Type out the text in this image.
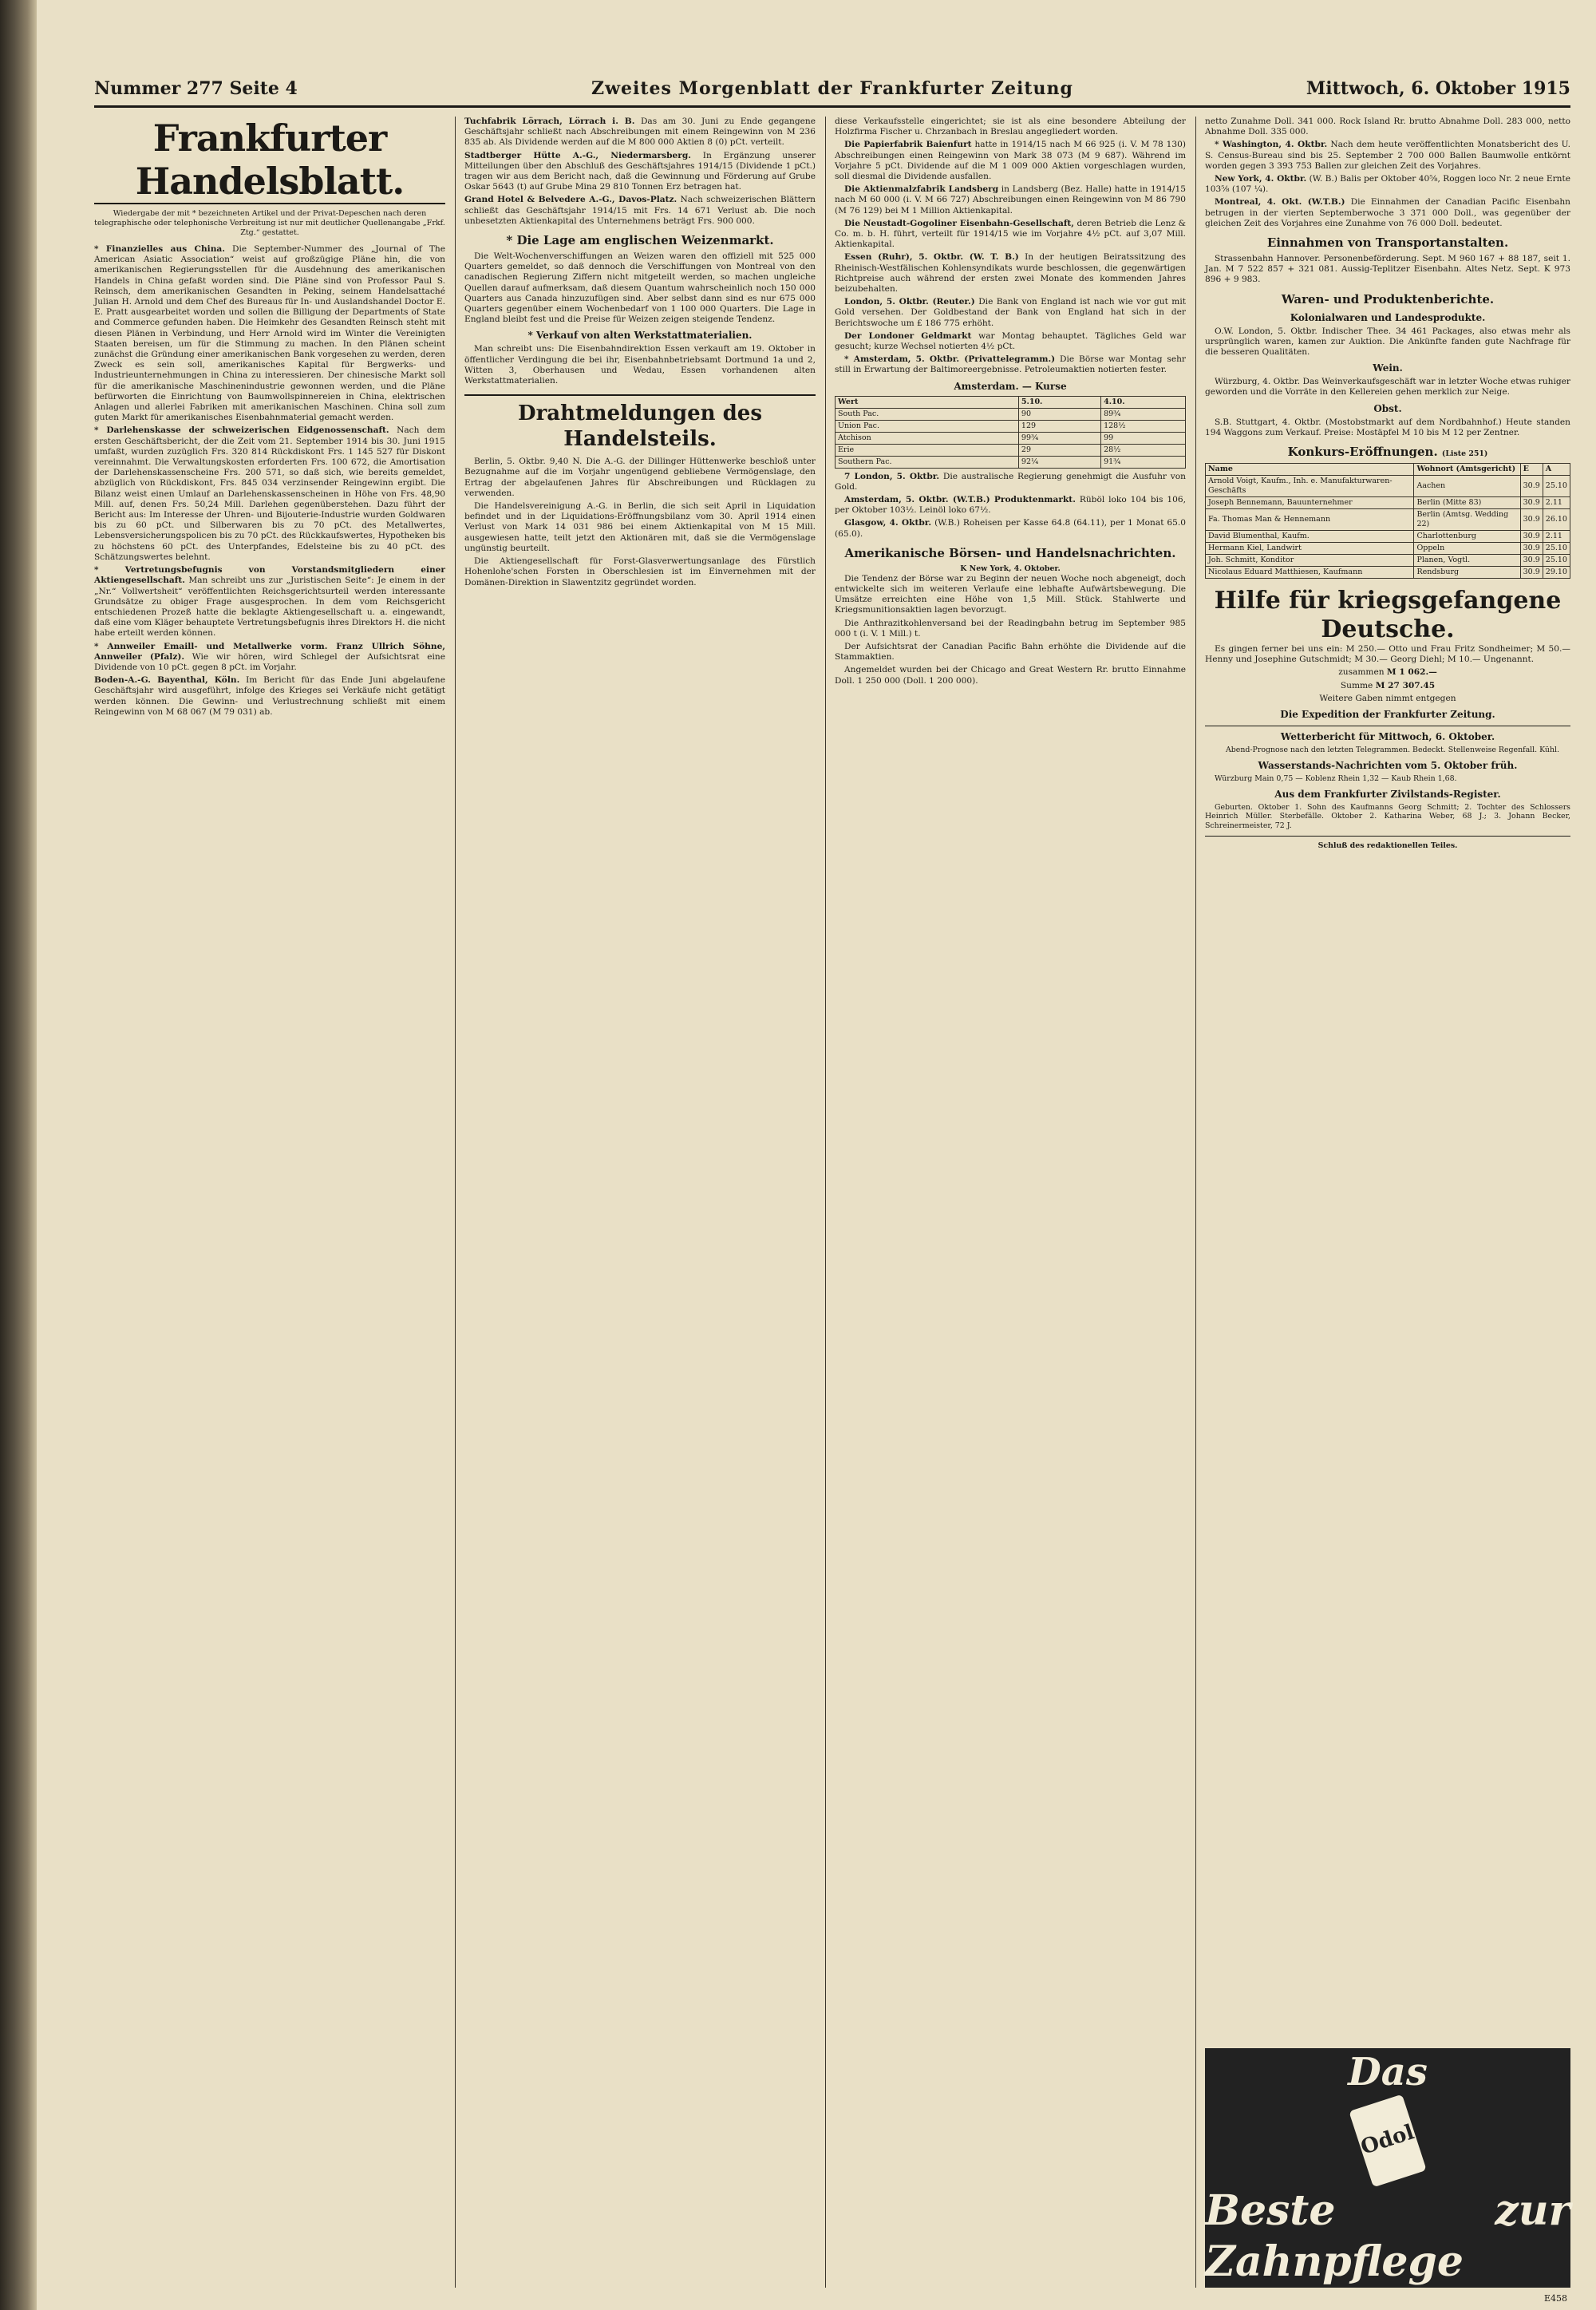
Nummer 277 Seite 4	Zweites Morgenblatt der Frankfurter Zeitung	Mittwoch, 6. Oktober 1915
Frankfurter Handelsblatt.
Wiedergabe der mit * bezeichneten Artikel und der Privat-Depeschen nach deren telegraphische oder telephonische Verbreitung ist nur mit deutlicher Quellenangabe „Frkf. Ztg.“ gestattet.

* Finanzielles aus China. Die September-Nummer des „Journal of The American Asiatic Association“ weist auf großzügige Pläne hin, die von amerikanischen Regierungsstellen für die Ausdehnung des amerikanischen Handels in China gefaßt worden sind. Die Pläne sind von Professor Paul S. Reinsch, dem amerikanischen Gesandten in Peking, seinem Handelsattaché Julian H. Arnold und dem Chef des Bureaus für In- und Auslandshandel Doctor E. E. Pratt ausgearbeitet worden und sollen die Billigung der Departments of State and Commerce gefunden haben. Die Heimkehr des Gesandten Reinsch steht mit diesen Plänen in Verbindung, und Herr Arnold wird im Winter die Vereinigten Staaten bereisen, um für die Stimmung zu machen. In den Plänen scheint zunächst die Gründung einer amerikanischen Bank vorgesehen zu werden, deren Zweck es sein soll, amerikanisches Kapital für Bergwerks- und Industrieunternehmungen in China zu interessieren. Der chinesische Markt soll für die amerikanische Maschinenindustrie gewonnen werden, und die Pläne befürworten die Einrichtung von Baumwollspinnereien in China, elektrischen Anlagen und allerlei Fabriken mit amerikanischen Maschinen. China soll zum guten Markt für amerikanisches Eisenbahnmaterial gemacht werden.

* Darlehenskasse der schweizerischen Eidgenossenschaft. Nach dem ersten Geschäftsbericht, der die Zeit vom 21. September 1914 bis 30. Juni 1915 umfaßt, wurden zuzüglich Frs. 320 814 Rückdiskont Frs. 1 145 527 für Diskont vereinnahmt. Die Verwaltungskosten erforderten Frs. 100 672, die Amortisation der Darlehenskassenscheine Frs. 200 571, so daß sich, wie bereits gemeldet, abzüglich von Rückdiskont, Frs. 845 034 verzinsender Reingewinn ergibt. Die Bilanz weist einen Umlauf an Darlehenskassenscheinen in Höhe von Frs. 48,90 Mill. auf, denen Frs. 50,24 Mill. Darlehen gegenüberstehen. Dazu führt der Bericht aus: Im Interesse der Uhren- und Bijouterie-Industrie wurden Goldwaren bis zu 60 pCt. und Silberwaren bis zu 70 pCt. des Metallwertes, Lebensversicherungspolicen bis zu 70 pCt. des Rückkaufswertes, Hypotheken bis zu höchstens 60 pCt. des Unterpfandes, Edelsteine bis zu 40 pCt. des Schätzungswertes belehnt.

* Vertretungsbefugnis von Vorstandsmitgliedern einer Aktiengesellschaft. Man schreibt uns zur „Juristischen Seite“: Je einem in der „Nr.“ Vollwertsheit“ veröffentlichten Reichsgerichtsurteil werden interessante Grundsätze zu obiger Frage ausgesprochen. In dem vom Reichsgericht entschiedenen Prozeß hatte die beklagte Aktiengesellschaft u. a. eingewandt, daß eine vom Kläger behauptete Vertretungsbefugnis ihres Direktors H. die nicht habe erteilt werden können.

* Annweiler Emaill- und Metallwerke vorm. Franz Ullrich Söhne, Annweiler (Pfalz). Wie wir hören, wird Schlegel der Aufsichtsrat eine Dividende von 10 pCt. gegen 8 pCt. im Vorjahr.

Boden-A.-G. Bayenthal, Köln. Im Bericht für das Ende Juni abgelaufene Geschäftsjahr wird ausgeführt, infolge des Krieges sei Verkäufe nicht getätigt werden können. Die Gewinn- und Verlustrechnung schließt mit einem Reingewinn von M 68 067 (M 79 031) ab.

Tuchfabrik Lörrach, Lörrach i. B. Das am 30. Juni zu Ende gegangene Geschäftsjahr schließt nach Abschreibungen mit einem Reingewinn von M 236 835 ab. Als Dividende werden auf die M 800 000 Aktien 8 (0) pCt. verteilt.

Stadtberger Hütte A.-G., Niedermarsberg. In Ergänzung unserer Mitteilungen über den Abschluß des Geschäftsjahres 1914/15 (Dividende 1 pCt.) tragen wir aus dem Bericht nach, daß die Gewinnung und Förderung auf Grube Oskar 5643 (t) auf Grube Mina 29 810 Tonnen Erz betragen hat.

Grand Hotel & Belvedere A.-G., Davos-Platz. Nach schweizerischen Blättern schließt das Geschäftsjahr 1914/15 mit Frs. 14 671 Verlust ab. Die noch unbesetzten Aktienkapital des Unternehmens beträgt Frs. 900 000.

* Die Lage am englischen Weizenmarkt.

Die Welt-Wochenverschiffungen an Weizen waren den offiziell mit 525 000 Quarters gemeldet, so daß dennoch die Verschiffungen von Montreal von den canadischen Regierung Ziffern nicht mitgeteilt werden, so machen ungleiche Quellen darauf aufmerksam, daß diesem Quantum wahrscheinlich noch 150 000 Quarters aus Canada hinzuzufügen sind. Aber selbst dann sind es nur 675 000 Quarters gegenüber einem Wochenbedarf von 1 100 000 Quarters. Die Lage in England bleibt fest und die Preise für Weizen zeigen steigende Tendenz.

* Verkauf von alten Werkstattmaterialien.

Man schreibt uns: Die Eisenbahndirektion Essen verkauft am 19. Oktober in öffentlicher Verdingung die bei ihr, Eisenbahnbetriebsamt Dortmund 1a und 2, Witten 3, Oberhausen und Wedau, Essen vorhandenen alten Werkstattmaterialien.

Drahtmeldungen des Handelsteils.

Berlin, 5. Oktbr. 9,40 N. Die A.-G. der Dillinger Hüttenwerke beschloß unter Bezugnahme auf die im Vorjahr ungenügend gebliebene Vermögenslage, den Ertrag der abgelaufenen Jahres für Abschreibungen und Rücklagen zu verwenden.

Die Handelsvereinigung A.-G. in Berlin, die sich seit April in Liquidation befindet und in der Liquidations-Eröffnungsbilanz vom 30. April 1914 einen Verlust von Mark 14 031 986 bei einem Aktienkapital von M 15 Mill. ausgewiesen hatte, teilt jetzt den Aktionären mit, daß sie die Vermögenslage ungünstig beurteilt.

Die Aktiengesellschaft für Forst-Glasverwertungsanlage des Fürstlich Hohenlohe'schen Forsten in Oberschlesien ist im Einvernehmen mit der Domänen-Direktion in Slawentzitz gegründet worden.

diese Verkaufsstelle eingerichtet; sie ist als eine besondere Abteilung der Holzfirma Fischer u. Chrzanbach in Breslau angegliedert worden.

Die Papierfabrik Baienfurt hatte in 1914/15 nach M 66 925 (i. V. M 78 130) Abschreibungen einen Reingewinn von Mark 38 073 (M 9 687). Während im Vorjahre 5 pCt. Dividende auf die M 1 009 000 Aktien vorgeschlagen wurden, soll diesmal die Dividende ausfallen.

Die Aktienmalzfabrik Landsberg in Landsberg (Bez. Halle) hatte in 1914/15 nach M 60 000 (i. V. M 66 727) Abschreibungen einen Reingewinn von M 86 790 (M 76 129) bei M 1 Million Aktienkapital.

Die Neustadt-Gogoliner Eisenbahn-Gesellschaft, deren Betrieb die Lenz & Co. m. b. H. führt, verteilt für 1914/15 wie im Vorjahre 4½ pCt. auf 3,07 Mill. Aktienkapital.

Essen (Ruhr), 5. Oktbr. (W. T. B.) In der heutigen Beiratssitzung des Rheinisch-Westfälischen Kohlensyndikats wurde beschlossen, die gegenwärtigen Richtpreise auch während der ersten zwei Monate des kommenden Jahres beizubehalten.

London, 5. Oktbr. (Reuter.) Die Bank von England ist nach wie vor gut mit Gold versehen. Der Goldbestand der Bank von England hat sich in der Berichtswoche um £ 186 775 erhöht.

Der Londoner Geldmarkt war Montag behauptet. Tägliches Geld war gesucht; kurze Wechsel notierten 4½ pCt.

* Amsterdam, 5. Oktbr. (Privattelegramm.) Die Börse war Montag sehr still in Erwartung der Baltimoreergebnisse. Petroleumaktien notierten fester.

Amsterdam. — Kurse
Wert	5.10.	4.10.
South Pac.	90	89¾
Union Pac.	129	128½
Atchison	99¾	99
Erie	29	28½
Southern Pac.	92¼	91¾

7 London, 5. Oktbr. Die australische Regierung genehmigt die Ausfuhr von Gold.

Amsterdam, 5. Oktbr. (W.T.B.) Produktenmarkt. Rüböl loko 104 bis 106, per Oktober 103½. Leinöl loko 67½.

Glasgow, 4. Oktbr. (W.B.) Roheisen per Kasse 64.8 (64.11), per 1 Monat 65.0 (65.0).

Amerikanische Börsen- und Handelsnachrichten.
K New York, 4. Oktober.

Die Tendenz der Börse war zu Beginn der neuen Woche noch abgeneigt, doch entwickelte sich im weiteren Verlaufe eine lebhafte Aufwärtsbewegung. Die Umsätze erreichten eine Höhe von 1,5 Mill. Stück. Stahlwerte und Kriegsmunitionsaktien lagen bevorzugt.

Die Anthrazitkohlenversand bei der Readingbahn betrug im September 985 000 t (i. V. 1 Mill.) t.

Der Aufsichtsrat der Canadian Pacific Bahn erhöhte die Dividende auf die Stammaktien.

Angemeldet wurden bei der Chicago and Great Western Rr. brutto Einnahme Doll. 1 250 000 (Doll. 1 200 000).

netto Zunahme Doll. 341 000. Rock Island Rr. brutto Abnahme Doll. 283 000, netto Abnahme Doll. 335 000.

* Washington, 4. Oktbr. Nach dem heute veröffentlichten Monatsbericht des U. S. Census-Bureau sind bis 25. September 2 700 000 Ballen Baumwolle entkörnt worden gegen 3 393 753 Ballen zur gleichen Zeit des Vorjahres.

New York, 4. Oktbr. (W. B.) Balis per Oktober 40⅝, Roggen loco Nr. 2 neue Ernte 103⅝ (107 ¼).

Montreal, 4. Okt. (W.T.B.) Die Einnahmen der Canadian Pacific Eisenbahn betrugen in der vierten Septemberwoche 3 371 000 Doll., was gegenüber der gleichen Zeit des Vorjahres eine Zunahme von 76 000 Doll. bedeutet.

Einnahmen von Transportanstalten.

Strassenbahn Hannover. Personenbeförderung. Sept. M 960 167 + 88 187, seit 1. Jan. M 7 522 857 + 321 081. Aussig-Teplitzer Eisenbahn. Altes Netz. Sept. K 973 896 + 9 983.

Waren- und Produktenberichte.
Kolonialwaren und Landesprodukte.

O.W. London, 5. Oktbr. Indischer Thee. 34 461 Packages, also etwas mehr als ursprünglich waren, kamen zur Auktion. Die Ankünfte fanden gute Nachfrage für die besseren Qualitäten.

Wein.

Würzburg, 4. Oktbr. Das Weinverkaufsgeschäft war in letzter Woche etwas ruhiger geworden und die Vorräte in den Kellereien gehen merklich zur Neige.

Obst.

S.B. Stuttgart, 4. Oktbr. (Mostobstmarkt auf dem Nordbahnhof.) Heute standen 194 Waggons zum Verkauf. Preise: Mostäpfel M 10 bis M 12 per Zentner.

Konkurs-Eröffnungen. (Liste 251)
Name	Wohnort (Amtsgericht)	E	A
Arnold Voigt, Kaufm., Inh. e. Manufakturwaren-Geschäfts	Aachen	30.9	25.10
Joseph Bennemann, Bauunternehmer	Berlin (Mitte 83)	30.9	2.11
Fa. Thomas Man & Hennemann	Berlin (Amtsg. Wedding 22)	30.9	26.10
David Blumenthal, Kaufm.	Charlottenburg	30.9	2.11
Hermann Kiel, Landwirt	Oppeln	30.9	25.10
Joh. Schmitt, Konditor	Planen, Vogtl.	30.9	25.10
Nicolaus Eduard Matthiesen, Kaufmann	Rendsburg	30.9	29.10
Hilfe für kriegsgefangene Deutsche.

Es gingen ferner bei uns ein: M 250.— Otto und Frau Fritz Sondheimer; M 50.— Henny und Josephine Gutschmidt; M 30.— Georg Diehl; M 10.— Ungenannt.

zusammen M 1 062.—

Summe M 27 307.45

Weitere Gaben nimmt entgegen

Die Expedition der Frankfurter Zeitung.
Wetterbericht für Mittwoch, 6. Oktober.

Abend-Prognose nach den letzten Telegrammen. Bedeckt. Stellenweise Regenfall. Kühl.

Wasserstands-Nachrichten vom 5. Oktober früh.

Würzburg Main 0,75 — Koblenz Rhein 1,32 — Kaub Rhein 1,68.

Aus dem Frankfurter Zivilstands-Register.

Geburten. Oktober 1. Sohn des Kaufmanns Georg Schmitt; 2. Tochter des Schlossers Heinrich Müller. Sterbefälle. Oktober 2. Katharina Weber, 68 J.; 3. Johann Becker, Schreinermeister, 72 J.

Schluß des redaktionellen Teiles.
Das
Odol
Beste zur Zahnpflege
E458
